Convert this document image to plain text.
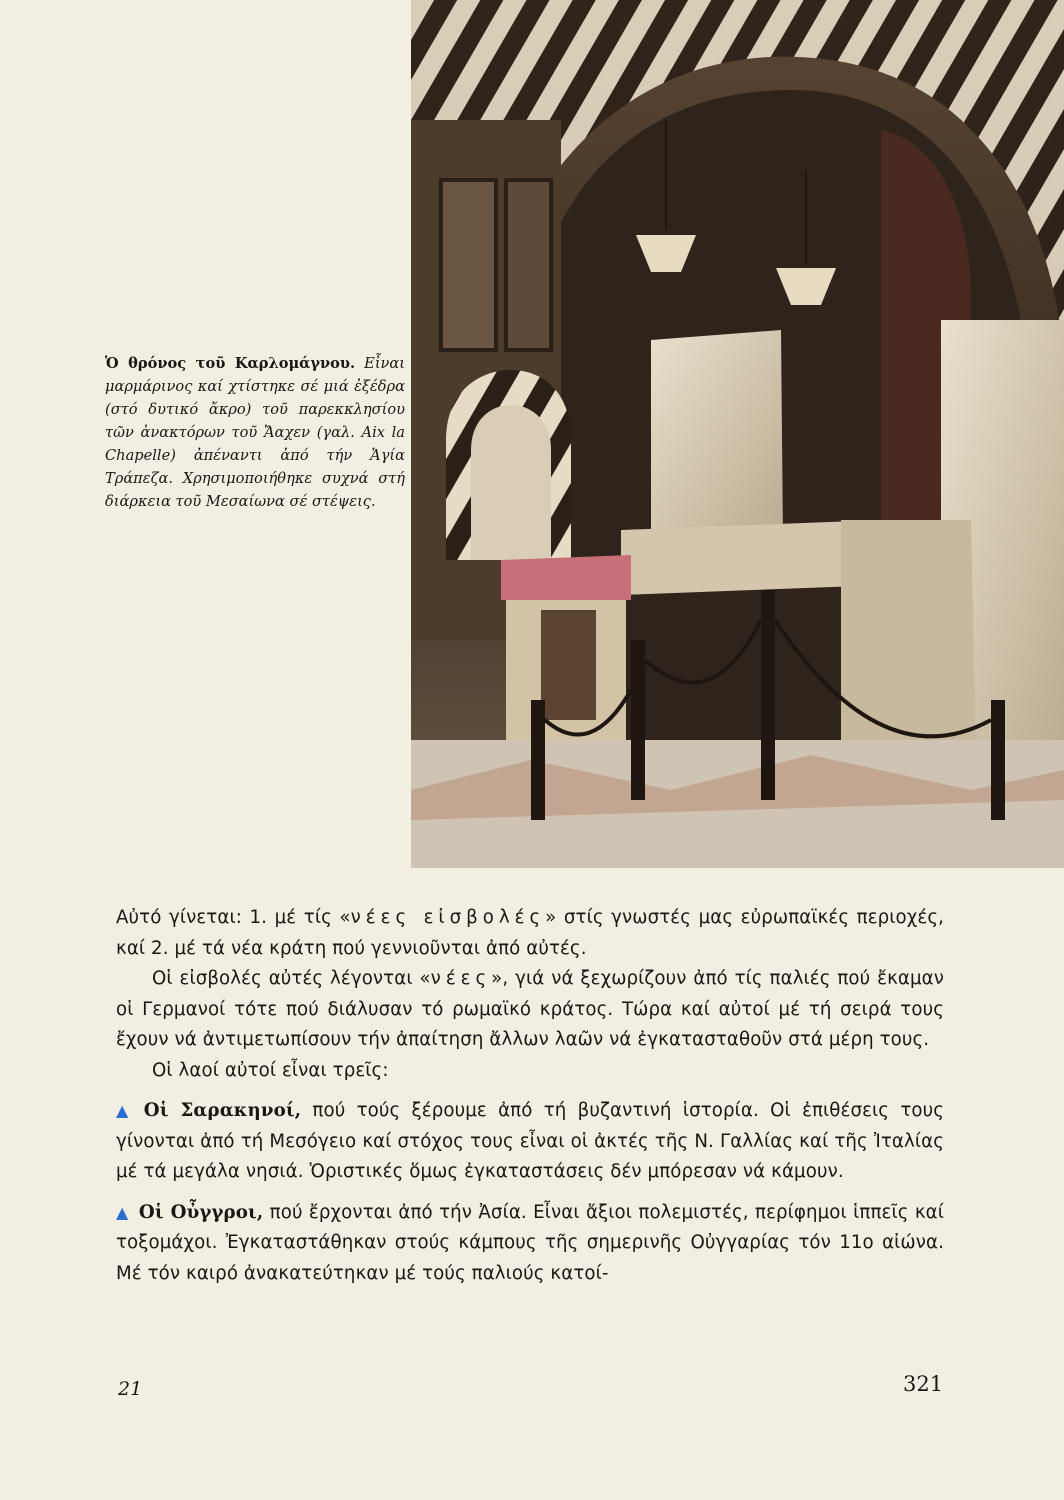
Ὁ θρόνος τοῦ Καρλομάγνου. Εἶναι μαρμάρινος καί χτίστηκε σέ μιά ἐξέδρα (στό δυτικό ἄκρο) τοῦ παρεκκλησίου τῶν ἀνακτόρων τοῦ Ἄαχεν (γαλ. Aix la Chapelle) ἀπέναντι ἀπό τήν Ἁγία Τράπεζα. Χρησιμοποιήθηκε συχνά στή διάρκεια τοῦ Μεσαίωνα σέ στέψεις.

Αὐτό γίνεται: 1. μέ τίς «νέες εἰσβολές» στίς γνωστές μας εὐρωπαϊκές περιοχές, καί 2. μέ τά νέα κράτη πού γεννιοῦνται ἀπό αὐτές.

Οἱ εἰσβολές αὐτές λέγονται «νέες», γιά νά ξεχωρίζουν ἀπό τίς παλιές πού ἔκαμαν οἱ Γερμανοί τότε πού διάλυσαν τό ρωμαϊκό κράτος. Τώρα καί αὐτοί μέ τή σειρά τους ἔχουν νά ἀντιμετωπίσουν τήν ἀπαίτηση ἄλλων λαῶν νά ἐγκατασταθοῦν στά μέρη τους.

Οἱ λαοί αὐτοί εἶναι τρεῖς:

▲ Οἱ Σαρακηνοί, πού τούς ξέρουμε ἀπό τή βυζαντινή ἱστορία. Οἱ ἐπιθέσεις τους γίνονται ἀπό τή Μεσόγειο καί στόχος τους εἶναι οἱ ἀκτές τῆς Ν. Γαλλίας καί τῆς Ἰταλίας μέ τά μεγάλα νησιά. Ὁριστικές ὅμως ἐγκαταστάσεις δέν μπόρεσαν νά κάμουν.

▲ Οἱ Οὖγγροι, πού ἔρχονται ἀπό τήν Ἀσία. Εἶναι ἄξιοι πολεμιστές, περίφημοι ἱππεῖς καί τοξομάχοι. Ἐγκαταστάθηκαν στούς κάμπους τῆς σημερινῆς Οὐγγαρίας τόν 11ο αἰώνα. Μέ τόν καιρό ἀνακατεύτηκαν μέ τούς παλιούς κατοί-

21	321
